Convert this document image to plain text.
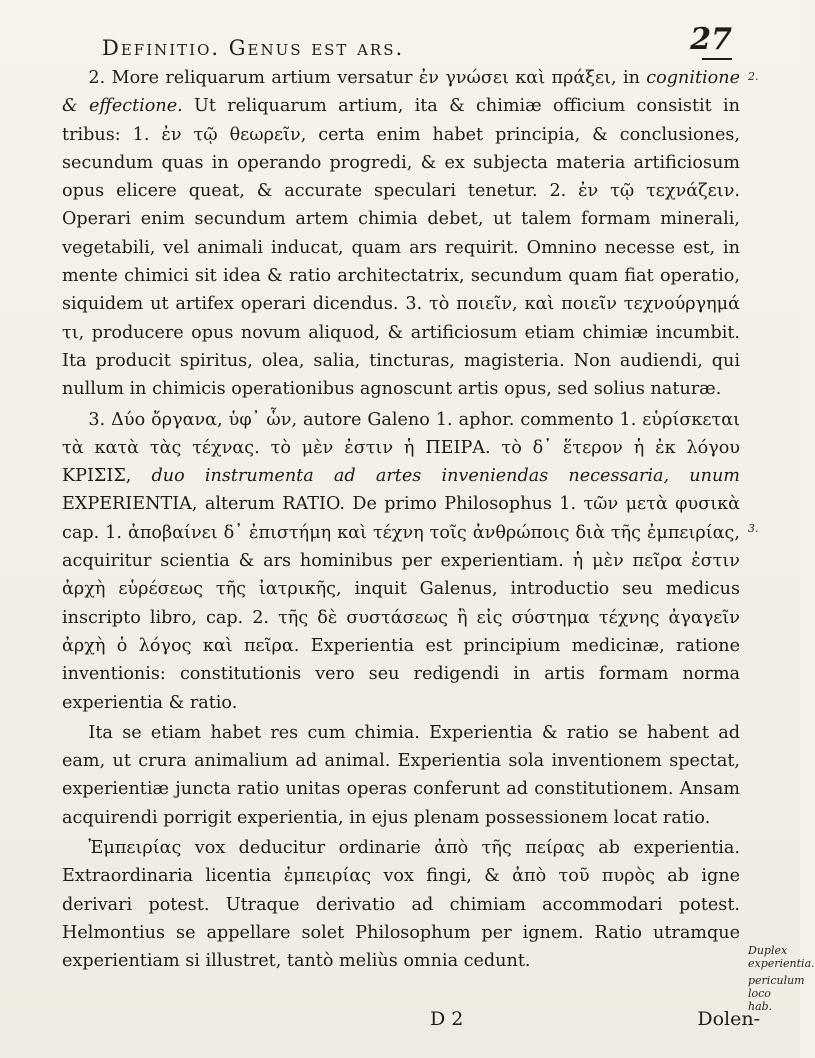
Definitio. Genus est ars.	27
2.
3.
Duplex experientia.
periculum loco hab.

2. More reliquarum artium versatur ἐν γνώσει καὶ πράξει, in cognitione & effectione. Ut reliquarum artium, ita & chimiæ officium consistit in tribus: 1. ἐν τῷ θεωρεῖν, certa enim habet principia, & conclusiones, secundum quas in operando progredi, & ex subjecta materia artificiosum opus elicere queat, & accurate speculari tenetur. 2. ἐν τῷ τεχνάζειν. Operari enim secundum artem chimia debet, ut talem formam minerali, vegetabili, vel animali inducat, quam ars requirit. Omnino necesse est, in mente chimici sit idea & ratio architectatrix, secundum quam fiat operatio, siquidem ut artifex operari dicendus. 3. τὸ ποιεῖν, καὶ ποιεῖν τεχνούργημά τι, producere opus novum aliquod, & artificiosum etiam chimiæ incumbit. Ita producit spiritus, olea, salia, tincturas, magisteria. Non audiendi, qui nullum in chimicis operationibus agnoscunt artis opus, sed solius naturæ.

3. Δύο ὄργανα, ὑφ᾽ ὧν, autore Galeno 1. aphor. commento 1. εὑρίσκεται τὰ κατὰ τὰς τέχνας. τὸ μὲν ἐστιν ἡ ΠΕΙΡΑ. τὸ δ᾽ ἕτερον ἡ ἐκ λόγου ΚΡΙΣΙΣ, duo instrumenta ad artes inveniendas necessaria, unum EXPERIENTIA, alterum RATIO. De primo Philosophus 1. τῶν μετὰ φυσικὰ cap. 1. ἀποβαίνει δ᾽ ἐπιστήμη καὶ τέχνη τοῖς ἀνθρώποις διὰ τῆς ἐμπειρίας, acquiritur scientia & ars hominibus per experientiam. ἡ μὲν πεῖρα ἐστιν ἀρχὴ εὑρέσεως τῆς ἰατρικῆς, inquit Galenus, introductio seu medicus inscripto libro, cap. 2. τῆς δὲ συστάσεως ἢ εἰς σύστημα τέχνης ἀγαγεῖν ἀρχὴ ὁ λόγος καὶ πεῖρα. Experientia est principium medicinæ, ratione inventionis: constitutionis vero seu redigendi in artis formam norma experientia & ratio.

Ita se etiam habet res cum chimia. Experientia & ratio se habent ad eam, ut crura animalium ad animal. Experientia sola inventionem spectat, experientiæ juncta ratio unitas operas conferunt ad constitutionem. Ansam acquirendi porrigit experientia, in ejus plenam possessionem locat ratio.

Ἐμπειρίας vox deducitur ordinarie ἀπὸ τῆς πείρας ab experientia. Extraordinaria licentia ἐμπειρίας vox fingi, & ἀπὸ τοῦ πυρὸς ab igne derivari potest. Utraque derivatio ad chimiam accommodari potest. Helmontius se appellare solet Philosophum per ignem. Ratio utramque experientiam si illustret, tantò meliùs omnia cedunt.

D 2	Dolen-
